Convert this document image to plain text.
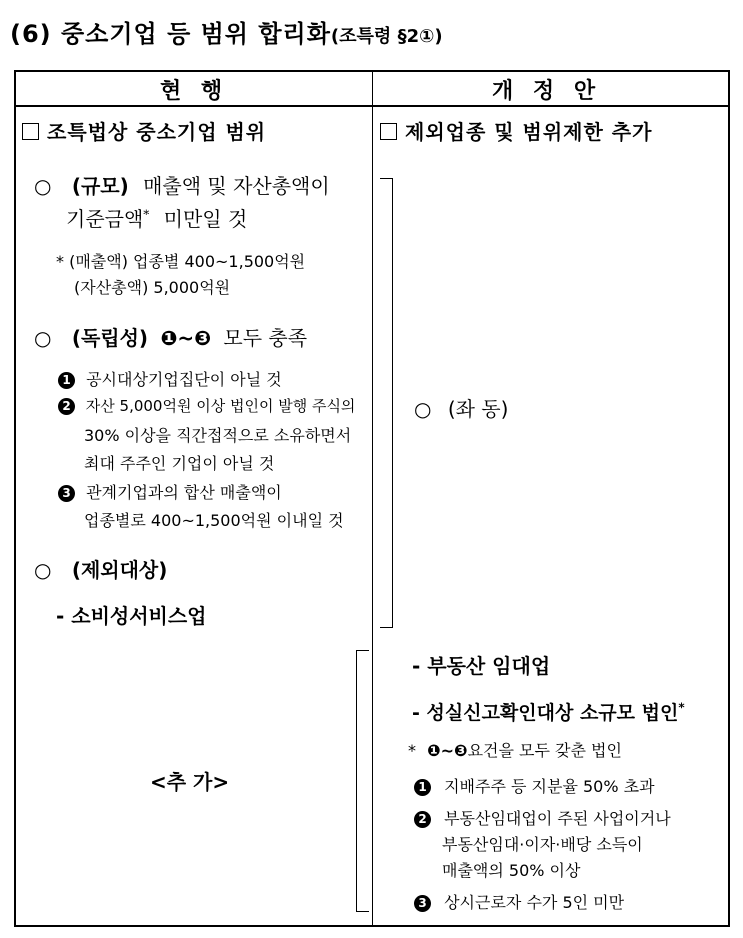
(6) 중소기업 등 범위 합리화(조특령 §2①)
현 행	개 정 안
조특법상 중소기업 범위
○ (규모) 매출액 및 자산총액이
기준금액* 미만일 것
* (매출액) 업종별 400~1,500억원
(자산총액) 5,000억원
○ (독립성) ❶~❸ 모두 충족
1 공시대상기업집단이 아닐 것
2 자산 5,000억원 이상 법인이 발행 주식의
30% 이상을 직간접적으로 소유하면서
최대 주주인 기업이 아닐 것
3 관계기업과의 합산 매출액이
업종별로 400~1,500억원 이내일 것
○ (제외대상)
- 소비성서비스업
<추 가>
제외업종 및 범위제한 추가
○ (좌 동)
- 부동산 임대업
- 성실신고확인대상 소규모 법인*
* ❶~❸요건을 모두 갖춘 법인
1 지배주주 등 지분율 50% 초과
2 부동산임대업이 주된 사업이거나
부동산임대·이자·배당 소득이
매출액의 50% 이상
3 상시근로자 수가 5인 미만
